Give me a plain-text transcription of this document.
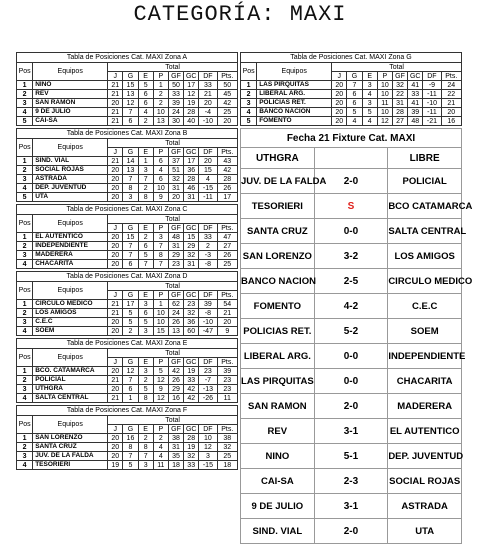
CATEGORÍA: MAXI
Tabla de Posiciones Cat. MAXI Zona A									
Pos	Equipos	Total							
		J	G	E	P	GF	GC	DF	Pts.
1	NINO	21	15	5	1	50	17	33	50
2	REV	21	13	6	2	33	12	21	45
3	SAN RAMON	20	12	6	2	39	19	20	42
4	9 DE JULIO	21	7	4	10	24	28	-4	25
5	CAI-SA	21	6	2	13	30	40	-10	20
Tabla de Posiciones Cat. MAXI Zona B									
Pos	Equipos	Total							
		J	G	E	P	GF	GC	DF	Pts.
1	SIND. VIAL	21	14	1	6	37	17	20	43
2	SOCIAL ROJAS	20	13	3	4	51	36	15	42
3	ASTRADA	20	7	7	6	32	28	4	28
4	DEP. JUVENTUD	20	8	2	10	31	46	-15	26
5	UTA	20	3	8	9	20	31	-11	17
Tabla de Posiciones Cat. MAXI Zona C									
Pos	Equipos	Total							
		J	G	E	P	GF	GC	DF	Pts.
1	EL AUTENTICO	20	15	2	3	48	15	33	47
2	INDEPENDIENTE	20	7	6	7	31	29	2	27
3	MADERERA	20	7	5	8	29	32	-3	26
4	CHACARITA	20	6	7	7	23	31	-8	25
Tabla de Posiciones Cat. MAXI Zona D									
Pos	Equipos	Total							
		J	G	E	P	GF	GC	DF	Pts.
1	CIRCULO MEDICO	21	17	3	1	62	23	39	54
2	LOS AMIGOS	21	5	6	10	24	32	-8	21
3	C.E.C	20	5	5	10	26	36	-10	20
4	SOEM	20	2	3	15	13	60	-47	9
Tabla de Posiciones Cat. MAXI Zona E									
Pos	Equipos	Total							
		J	G	E	P	GF	GC	DF	Pts.
1	BCO. CATAMARCA	20	12	3	5	42	19	23	39
2	POLICIAL	21	7	2	12	26	33	-7	23
3	UTHGRA	20	6	5	9	29	42	-13	23
4	SALTA CENTRAL	21	1	8	12	16	42	-26	11
Tabla de Posiciones Cat. MAXI Zona F									
Pos	Equipos	Total							
		J	G	E	P	GF	GC	DF	Pts.
1	SAN LORENZO	20	16	2	2	38	28	10	38
2	SANTA CRUZ	20	8	8	4	31	19	12	32
3	JUV. DE LA FALDA	20	7	7	4	35	32	3	25
4	TESORIERI	19	5	3	11	18	33	-15	18
Tabla de Posiciones Cat. MAXI Zona G									
Pos	Equipos	Total							
		J	G	E	P	GF	GC	DF	Pts.
1	LAS PIRQUITAS	20	7	3	10	32	41	-9	24
2	LIBERAL ARG.	20	6	4	10	22	33	-11	22
3	POLICIAS RET.	20	6	3	11	31	41	-10	21
4	BANCO NACION	20	5	5	10	28	39	-11	20
5	FOMENTO	20	4	4	12	27	48	-21	16
Fecha 21 Fixture Cat. MAXI		
UTHGRA		LIBRE
JUV. DE LA FALDA	2-0	POLICIAL
TESORIERI	S	BCO CATAMARCA
SANTA CRUZ	0-0	SALTA CENTRAL
SAN LORENZO	3-2	LOS AMIGOS
BANCO NACION	2-5	CIRCULO MEDICO
FOMENTO	4-2	C.E.C
POLICIAS RET.	5-2	SOEM
LIBERAL ARG.	0-0	INDEPENDIENTE
LAS PIRQUITAS	0-0	CHACARITA
SAN RAMON	2-0	MADERERA
REV	3-1	EL AUTENTICO
NINO	5-1	DEP. JUVENTUD
CAI-SA	2-3	SOCIAL ROJAS
9 DE JULIO	3-1	ASTRADA
SIND. VIAL	2-0	UTA
